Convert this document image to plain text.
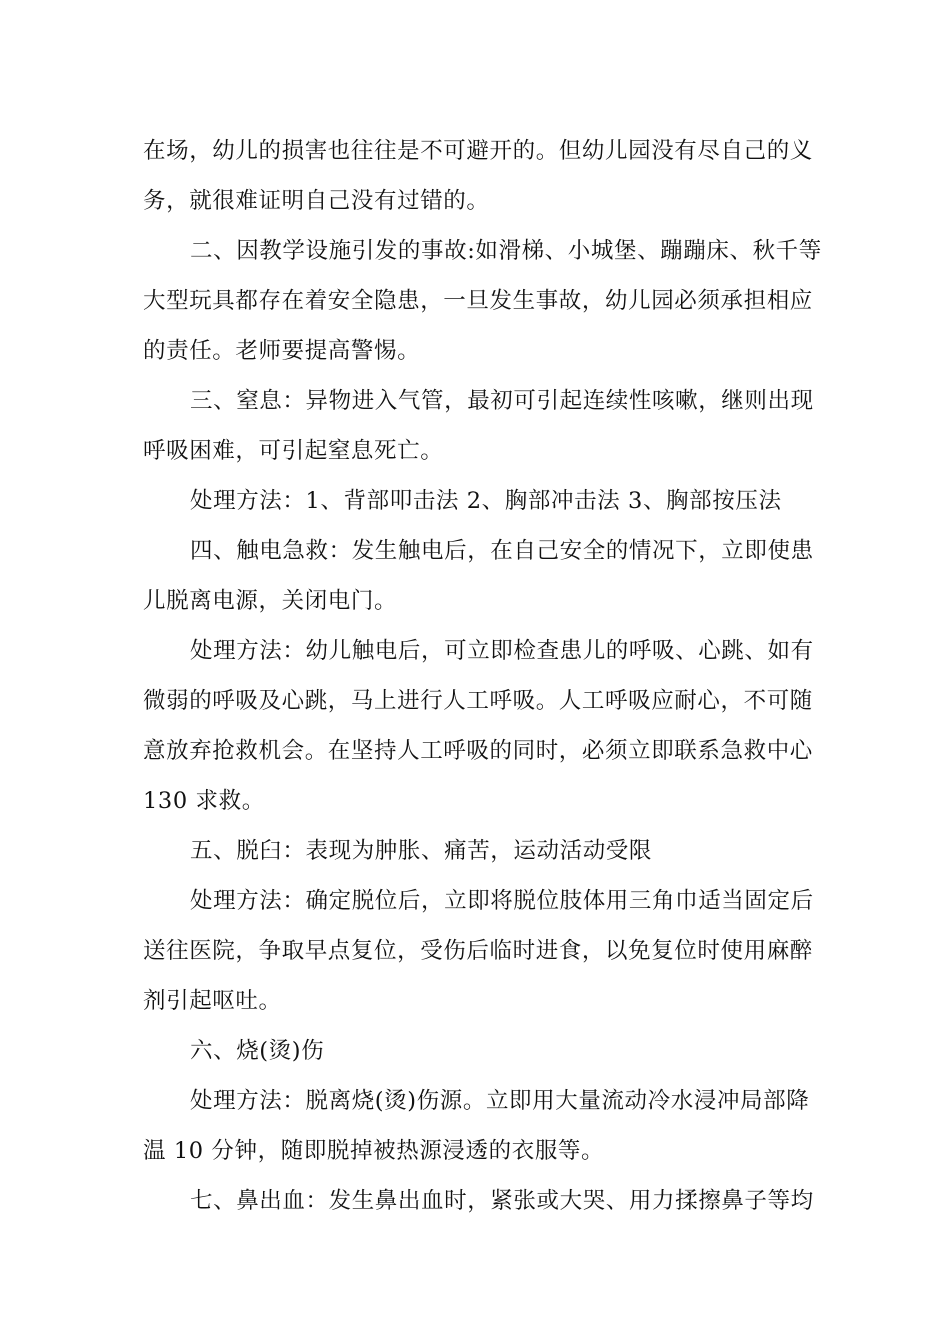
在场，幼儿的损害也往往是不可避开的。但幼儿园没有尽自己的义
务，就很难证明自己没有过错的。
二、因教学设施引发的事故:如滑梯、小城堡、蹦蹦床、秋千等
大型玩具都存在着安全隐患，一旦发生事故，幼儿园必须承担相应
的责任。老师要提高警惕。
三、窒息：异物进入气管，最初可引起连续性咳嗽，继则出现
呼吸困难，可引起窒息死亡。
处理方法：1、背部叩击法 2、胸部冲击法 3、胸部按压法
四、触电急救：发生触电后，在自己安全的情况下，立即使患
儿脱离电源，关闭电门。
处理方法：幼儿触电后，可立即检查患儿的呼吸、心跳、如有
微弱的呼吸及心跳，马上进行人工呼吸。人工呼吸应耐心，不可随
意放弃抢救机会。在坚持人工呼吸的同时，必须立即联系急救中心
130 求救。
五、脱臼：表现为肿胀、痛苦，运动活动受限
处理方法：确定脱位后，立即将脱位肢体用三角巾适当固定后
送往医院，争取早点复位，受伤后临时进食，以免复位时使用麻醉
剂引起呕吐。
六、烧(烫)伤
处理方法：脱离烧(烫)伤源。立即用大量流动冷水浸冲局部降
温 10 分钟，随即脱掉被热源浸透的衣服等。
七、鼻出血：发生鼻出血时，紧张或大哭、用力揉擦鼻子等均
